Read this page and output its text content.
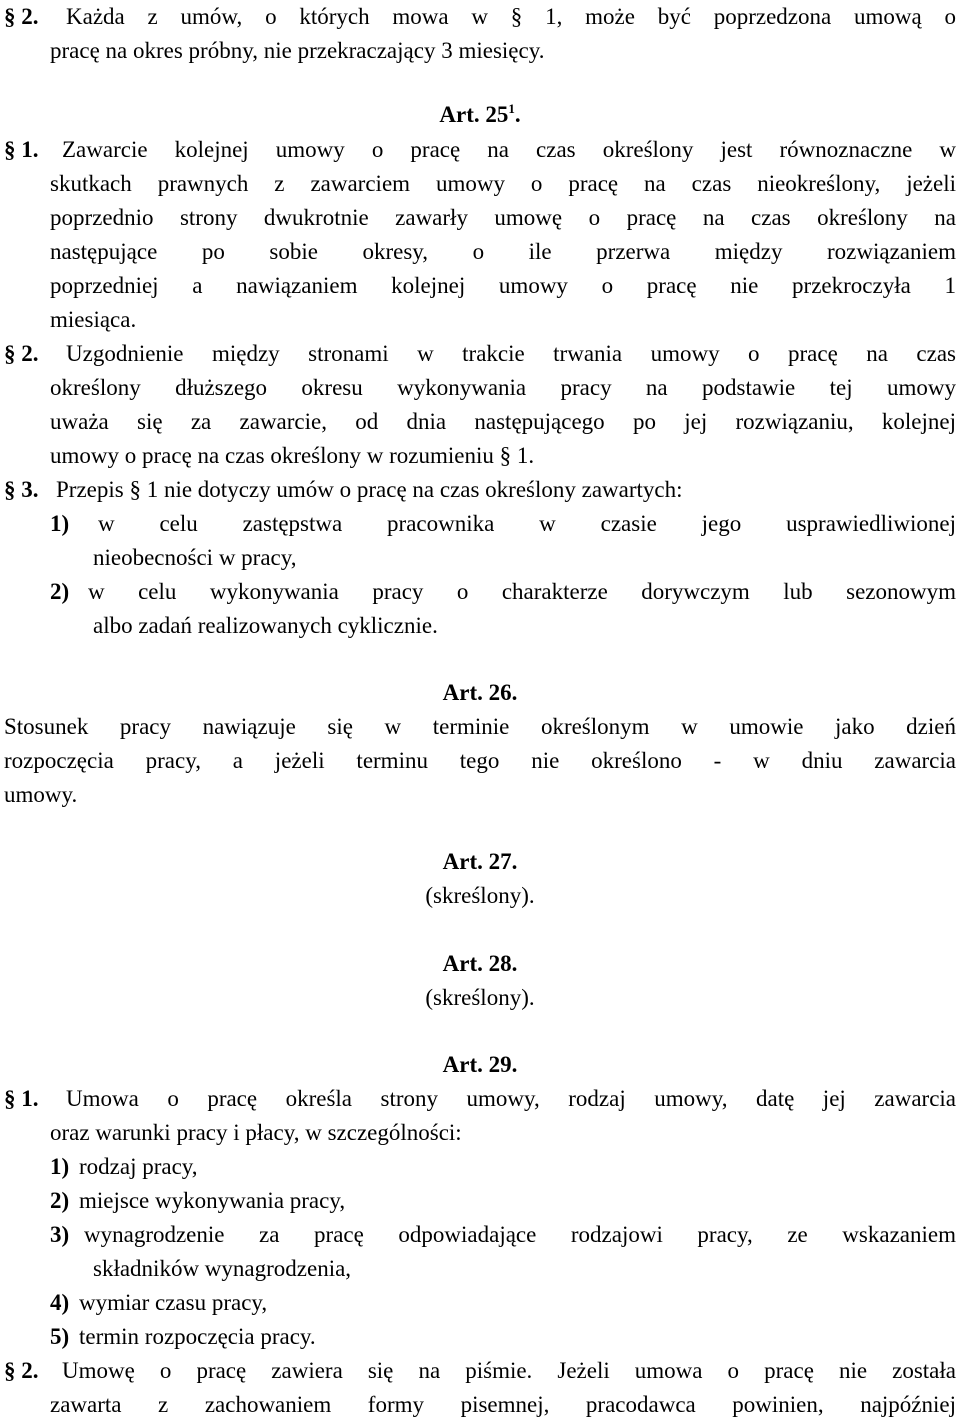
§ 2. Każda z umów, o których mowa w § 1, może być poprzedzona umową o
pracę na okres próbny, nie przekraczający 3 miesięcy.
Art. $25^1$.
§ 1. Zawarcie kolejnej umowy o pracę na czas określony jest równoznaczne w
skutkach prawnych z zawarciem umowy o pracę na czas nieokreślony, jeżeli
poprzednio strony dwukrotnie zawarły umowę o pracę na czas określony na
następujące po sobie okresy, o ile przerwa między rozwiązaniem
poprzedniej a nawiązaniem kolejnej umowy o pracę nie przekroczyła 1
miesiąca.
§ 2. Uzgodnienie między stronami w trakcie trwania umowy o pracę na czas
określony dłuższego okresu wykonywania pracy na podstawie tej umowy
uważa się za zawarcie, od dnia następującego po jej rozwiązaniu, kolejnej
umowy o pracę na czas określony w rozumieniu § 1.
§ 3. Przepis § 1 nie dotyczy umów o pracę na czas określony zawartych:
1) w celu zastępstwa pracownika w czasie jego usprawiedliwionej
nieobecności w pracy,
2) w celu wykonywania pracy o charakterze dorywczym lub sezonowym
albo zadań realizowanych cyklicznie.
Art. 26.
Stosunek pracy nawiązuje się w terminie określonym w umowie jako dzień
rozpoczęcia pracy, a jeżeli terminu tego nie określono - w dniu zawarcia
umowy.
Art. 27.
(skreślony).
Art. 28.
(skreślony).
Art. 29.
§ 1. Umowa o pracę określa strony umowy, rodzaj umowy, datę jej zawarcia
oraz warunki pracy i płacy, w szczególności:
1) rodzaj pracy,
2) miejsce wykonywania pracy,
3) wynagrodzenie za pracę odpowiadające rodzajowi pracy, ze wskazaniem
składników wynagrodzenia,
4) wymiar czasu pracy,
5) termin rozpoczęcia pracy.
§ 2. Umowę o pracę zawiera się na piśmie. Jeżeli umowa o pracę nie została
zawarta z zachowaniem formy pisemnej, pracodawca powinien, najpóźniej
